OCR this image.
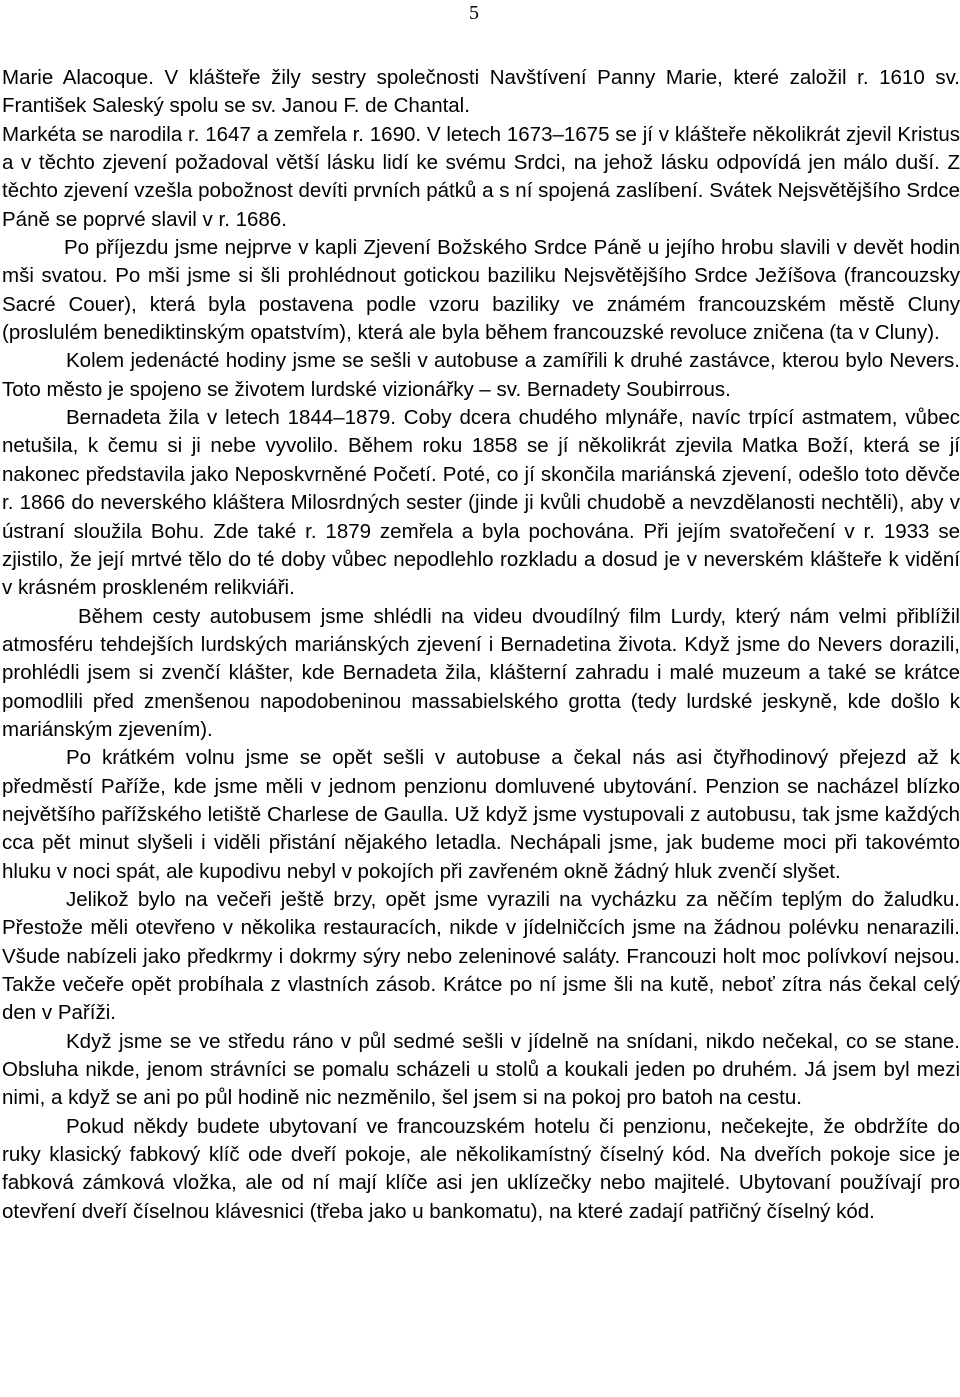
5

Marie Alacoque. V klášteře žily sestry společnosti Navštívení Panny Marie, které založil r. 1610 sv. František Saleský spolu se sv. Janou F. de Chantal.

Markéta se narodila r. 1647 a zemřela r. 1690. V letech 1673–1675 se jí v klášteře několikrát zjevil Kristus a v těchto zjevení požadoval větší lásku lidí ke svému Srdci, na jehož lásku odpovídá jen málo duší. Z těchto zjevení vzešla pobožnost devíti prvních pátků a s ní spojená zaslíbení. Svátek Nejsvětějšího Srdce Páně se poprvé slavil v r. 1686.

Po příjezdu jsme nejprve v kapli Zjevení Božského Srdce Páně u jejího hrobu slavili v devět hodin mši svatou. Po mši jsme si šli prohlédnout gotickou baziliku Nejsvětějšího Srdce Ježíšova (francouzsky Sacré Couer), která byla postavena podle vzoru baziliky ve známém francouzském městě Cluny (proslulém benediktinským opatstvím), která ale byla během francouzské revoluce zničena (ta v Cluny).

Kolem jedenácté hodiny jsme se sešli v autobuse a zamířili k druhé zastávce, kterou bylo Nevers. Toto město je spojeno se životem lurdské vizionářky – sv. Bernadety Soubirrous.

Bernadeta žila v letech 1844–1879. Coby dcera chudého mlynáře, navíc trpící astmatem, vůbec netušila, k čemu si ji nebe vyvolilo. Během roku 1858 se jí několikrát zjevila Matka Boží, která se jí nakonec představila jako Neposkvrněné Početí. Poté, co jí skončila mariánská zjevení, odešlo toto děvče r. 1866 do neverského kláštera Milosrdných sester (jinde ji kvůli chudobě a nevzdělanosti nechtěli), aby v ústraní sloužila Bohu. Zde také r. 1879 zemřela a byla pochována. Při jejím svatořečení v r. 1933 se zjistilo, že její mrtvé tělo do té doby vůbec nepodlehlo rozkladu a dosud je v neverském klášteře k vidění v krásném proskleném relikviáři.

Během cesty autobusem jsme shlédli na videu dvoudílný film Lurdy, který nám velmi přiblížil atmosféru tehdejších lurdských mariánských zjevení i Bernadetina života. Když jsme do Nevers dorazili, prohlédli jsem si zvenčí klášter, kde Bernadeta žila, klášterní zahradu i malé muzeum a také se krátce pomodlili před zmenšenou napodobeninou massabielského grotta (tedy lurdské jeskyně, kde došlo k mariánským zjevením).

Po krátkém volnu jsme se opět sešli v autobuse a čekal nás asi čtyřhodinový přejezd až k předměstí Paříže, kde jsme měli v jednom penzionu domluvené ubytování. Penzion se nacházel blízko největšího pařížského letiště Charlese de Gaulla. Už když jsme vystupovali z autobusu, tak jsme každých cca pět minut slyšeli i viděli přistání nějakého letadla. Nechápali jsme, jak budeme moci při takovémto hluku v noci spát, ale kupodivu nebyl v pokojích při zavřeném okně žádný hluk zvenčí slyšet.

Jelikož bylo na večeři ještě brzy, opět jsme vyrazili na vycházku za něčím teplým do žaludku. Přestože měli otevřeno v několika restauracích, nikde v jídelničcích jsme na žádnou polévku nenarazili. Všude nabízeli jako předkrmy i dokrmy sýry nebo zeleninové saláty. Francouzi holt moc polívkoví nejsou. Takže večeře opět probíhala z vlastních zásob. Krátce po ní jsme šli na kutě, neboť zítra nás čekal celý den v Paříži.

Když jsme se ve středu ráno v půl sedmé sešli v jídelně na snídani, nikdo nečekal, co se stane. Obsluha nikde, jenom strávníci se pomalu scházeli u stolů a koukali jeden po druhém. Já jsem byl mezi nimi, a když se ani po půl hodině nic nezměnilo, šel jsem si na pokoj pro batoh na cestu.

Pokud někdy budete ubytovaní ve francouzském hotelu či penzionu, nečekejte, že obdržíte do ruky klasický fabkový klíč ode dveří pokoje, ale několikamístný číselný kód. Na dveřích pokoje sice je fabková zámková vložka, ale od ní mají klíče asi jen uklízečky nebo majitelé. Ubytovaní používají pro otevření dveří číselnou klávesnici (třeba jako u bankomatu), na které zadají patřičný číselný kód.
